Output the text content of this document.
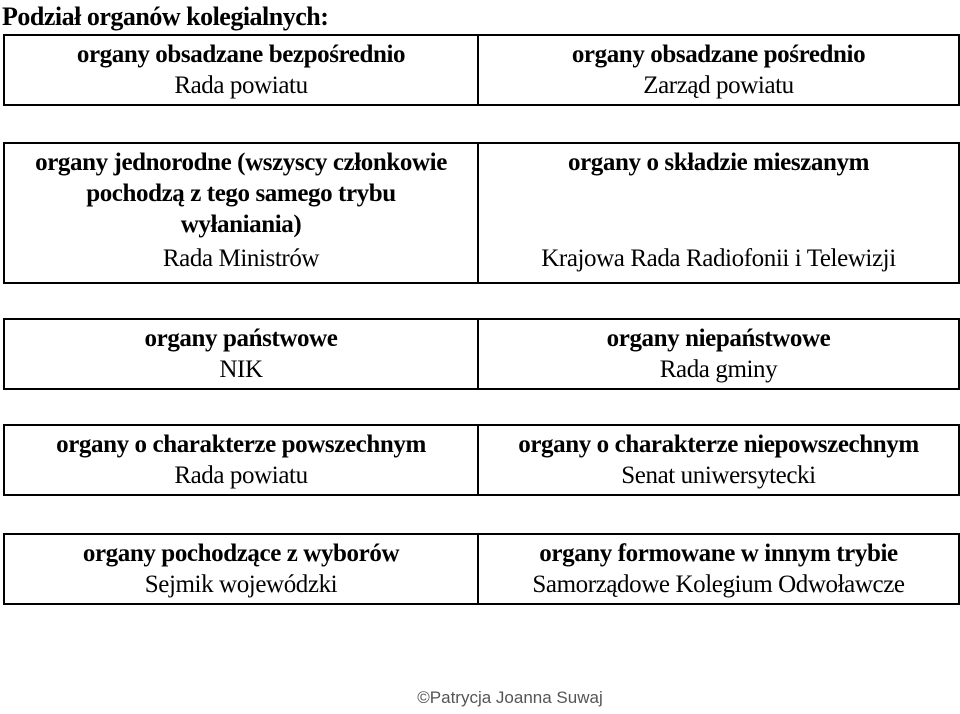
Podział organów kolegialnych:
organy obsadzane bezpośrednio
Rada powiatu
organy obsadzane pośrednio
Zarząd powiatu
organy jednorodne (wszyscy członkowie pochodzą z tego samego trybu wyłaniania)
Rada Ministrów
organy o składzie mieszanym
Krajowa Rada Radiofonii i Telewizji
organy państwowe
NIK
organy niepaństwowe
Rada gminy
organy o charakterze powszechnym
Rada powiatu
organy o charakterze niepowszechnym
Senat uniwersytecki
organy pochodzące z wyborów
Sejmik wojewódzki
organy formowane w innym trybie
Samorządowe Kolegium Odwoławcze
©Patrycja Joanna Suwaj
